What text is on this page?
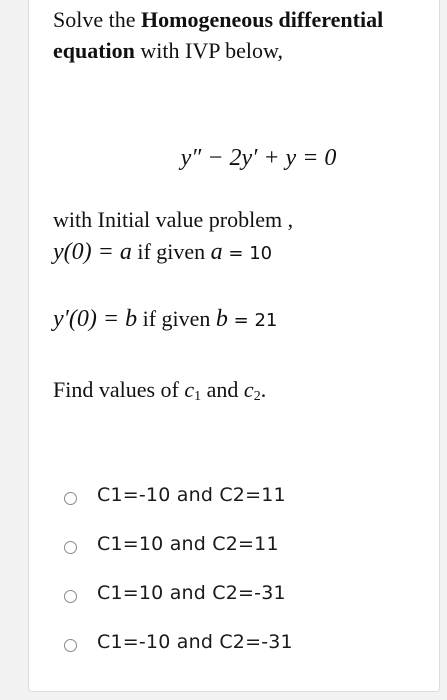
Solve the Homogeneous differential equation with IVP below,
y″ − 2y′ + y = 0
with Initial value problem ,
y(0) = a if given a = 10
y′(0) = b if given b = 21
Find values of $c_1$ and $c_2$.
C1=-10 and C2=11
C1=10 and C2=11
C1=10 and C2=-31
C1=-10 and C2=-31
